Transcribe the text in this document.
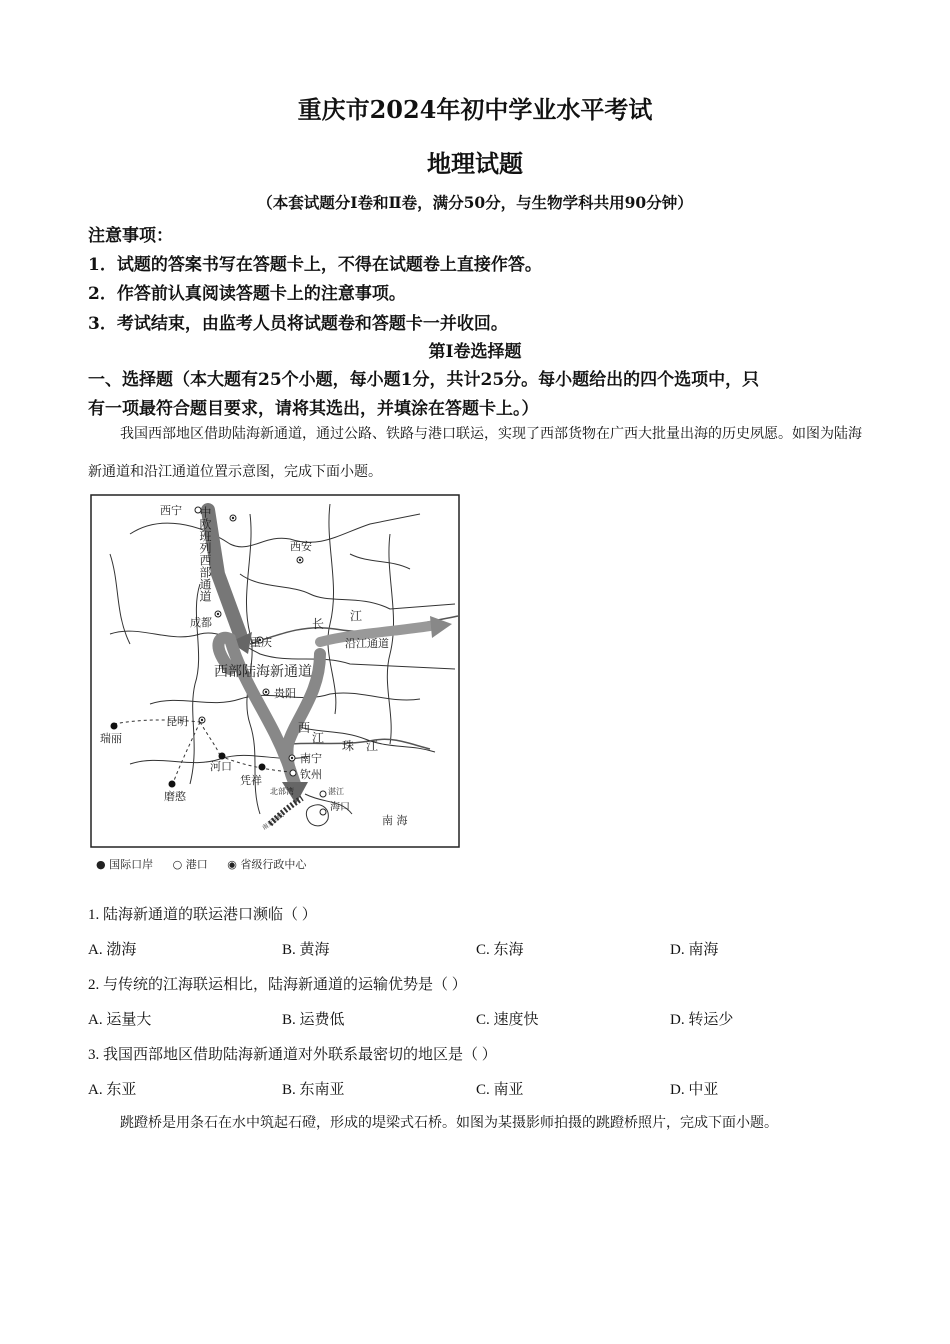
重庆市2024年初中学业水平考试
地理试题
（本套试题分Ⅰ卷和Ⅱ卷，满分50分，与生物学科共用90分钟）
注意事项：
1．试题的答案书写在答题卡上，不得在试题卷上直接作答。
2．作答前认真阅读答题卡上的注意事项。
3．考试结束，由监考人员将试题卷和答题卡一并收回。
第Ⅰ卷选择题
一、选择题（本大题有25个小题，每小题1分，共计25分。每小题给出的四个选项中，只
有一项最符合题目要求，请将其选出，并填涂在答题卡上。）
我国西部地区借助陆海新通道，通过公路、铁路与港口联运，实现了西部货物在广西大批量出海的历史夙愿。如图为陆海新通道和沿江通道位置示意图，完成下面小题。
西宁
西安
成都
重庆
贵阳
昆明
瑞丽
河口
磨憨
凭祥
南宁
钦州
北部湾	湛江
海口
南 海
中欧班列西部通道
长
江
沿江通道
西部陆海新通道
西
江
珠 江
南亚航线
● 国际口岸 ○ 港口 ◉ 省级行政中心
1. 陆海新通道的联运港口濒临（ ）
A. 渤海	B. 黄海	C. 东海	D. 南海
2. 与传统的江海联运相比，陆海新通道的运输优势是（ ）
A. 运量大	B. 运费低	C. 速度快	D. 转运少
3. 我国西部地区借助陆海新通道对外联系最密切的地区是（ ）
A. 东亚	B. 东南亚	C. 南亚	D. 中亚
跳蹬桥是用条石在水中筑起石磴，形成的堤梁式石桥。如图为某摄影师拍摄的跳蹬桥照片，完成下面小题。
